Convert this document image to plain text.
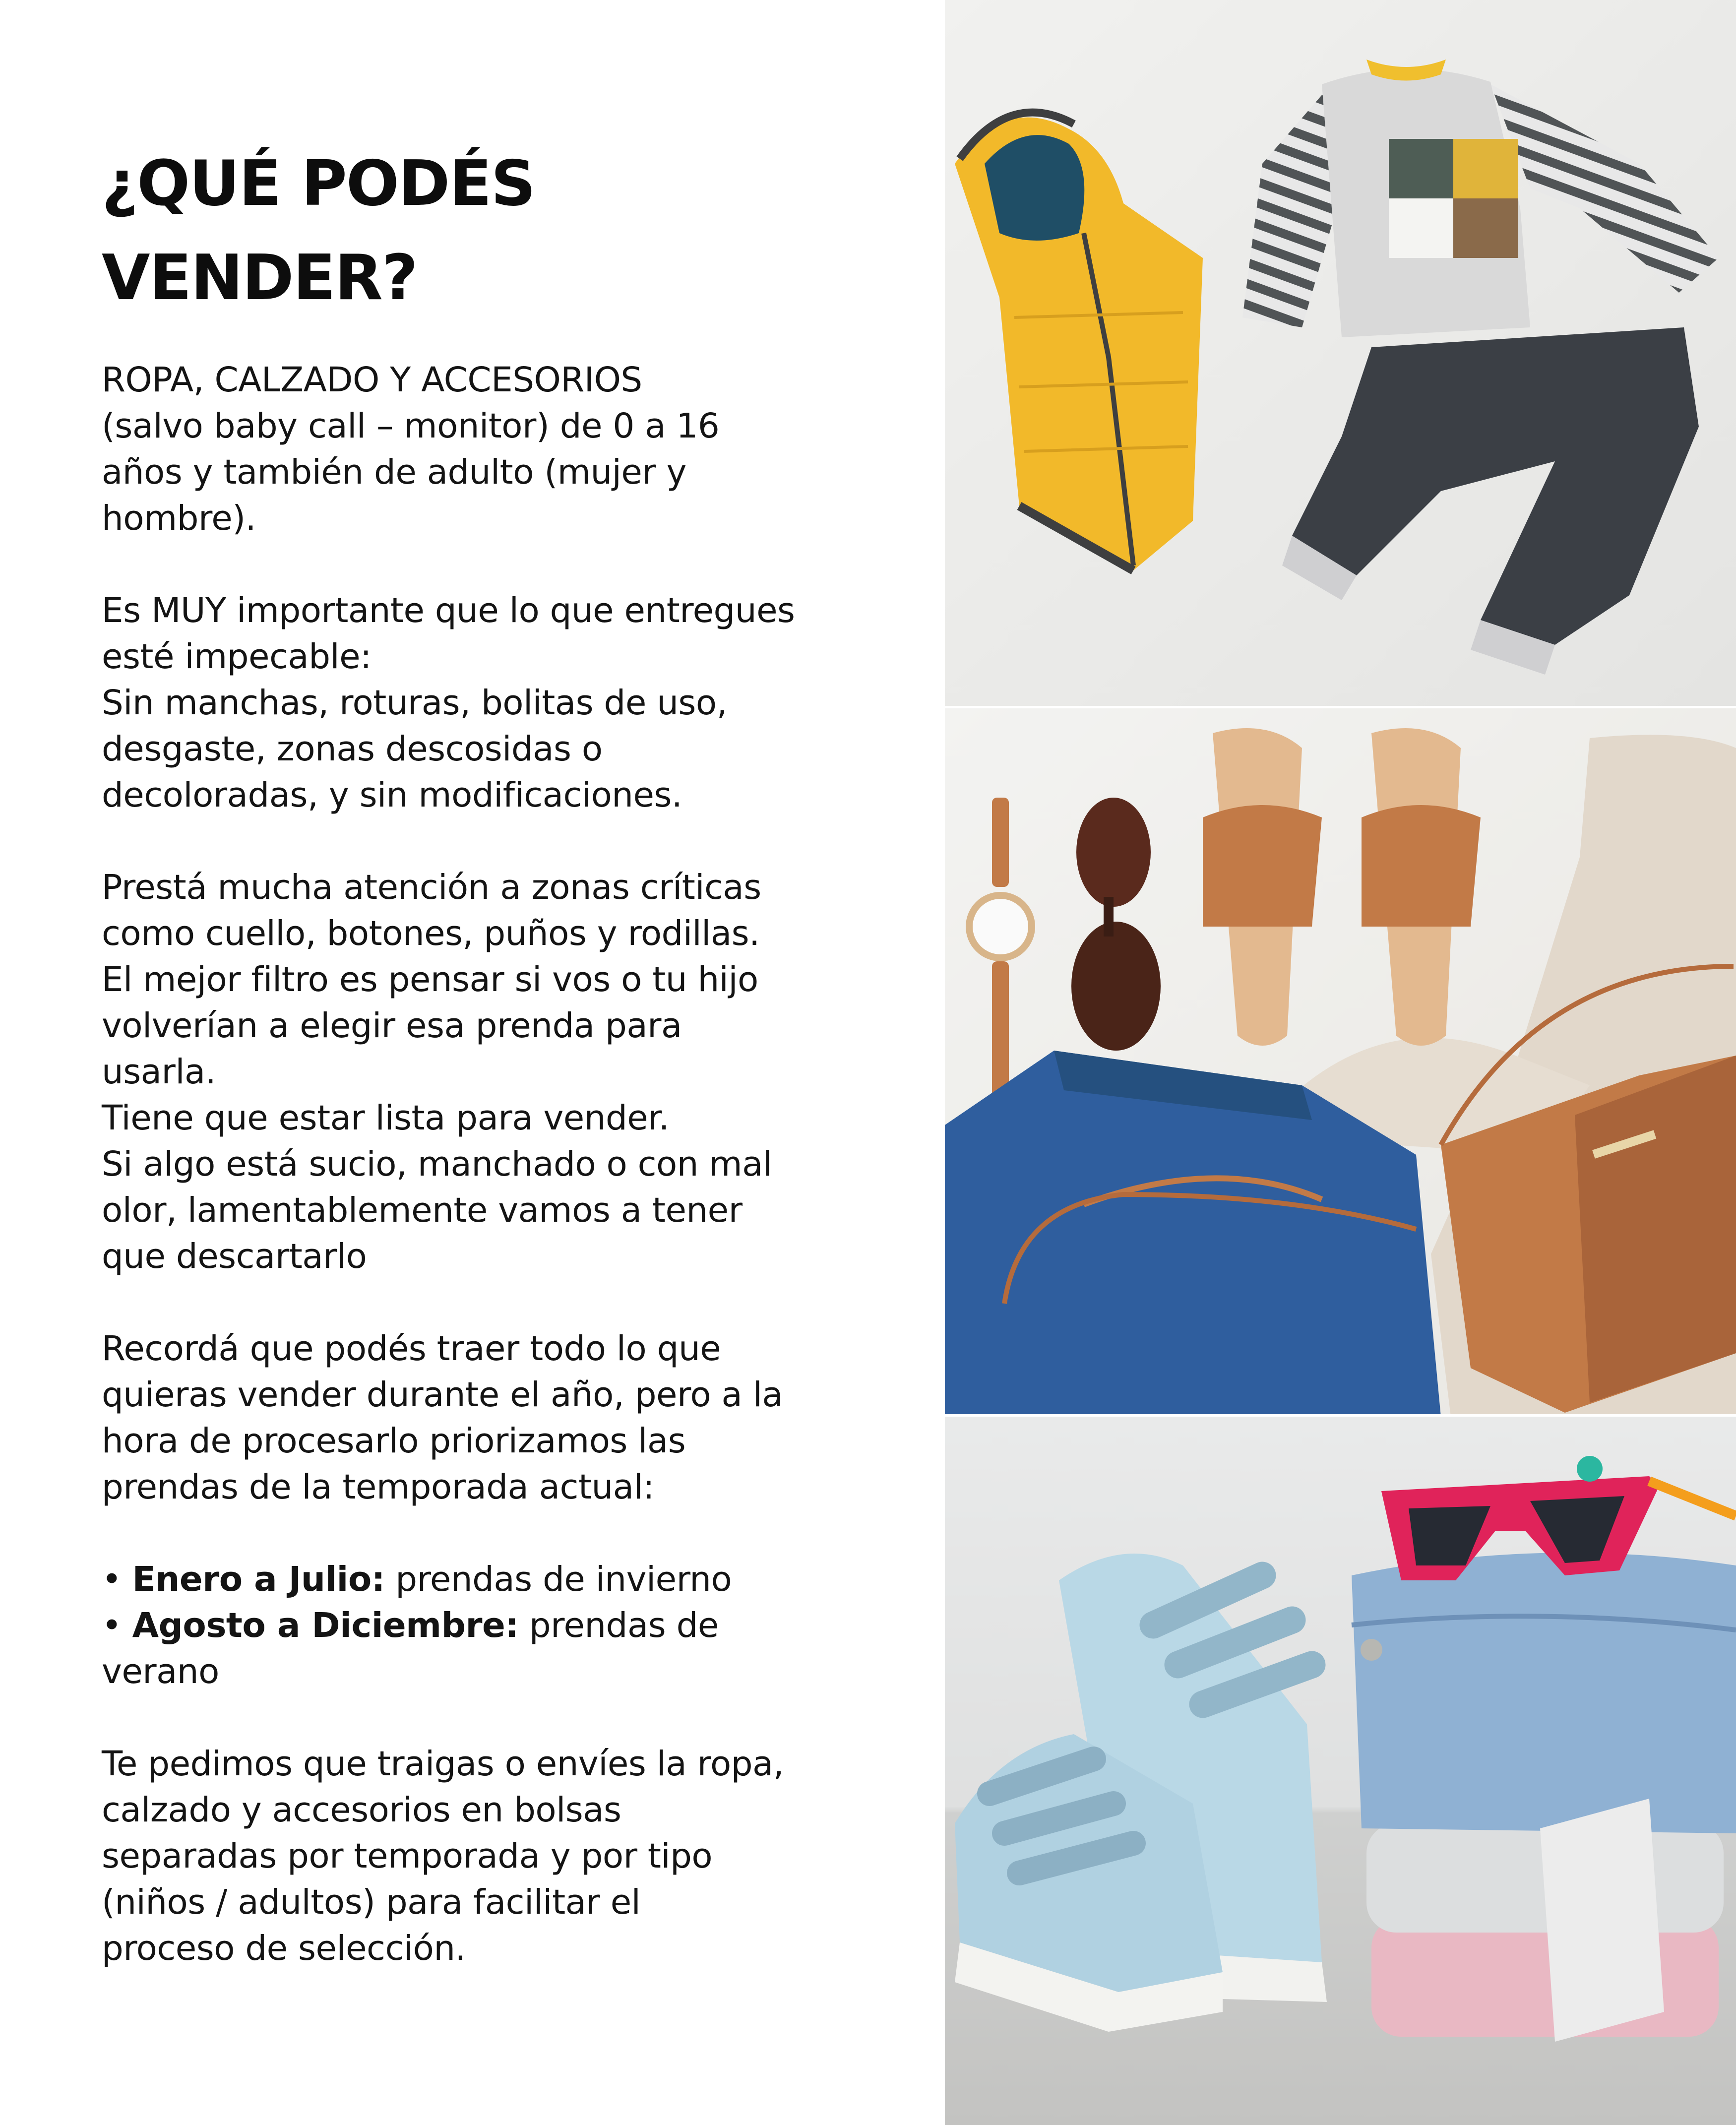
¿QUÉ PODÉS
VENDER?

ROPA, CALZADO Y ACCESORIOS
(salvo baby call – monitor) de 0 a 16
años y también de adulto (mujer y
hombre).

Es MUY importante que lo que entregues
esté impecable:
Sin manchas, roturas, bolitas de uso,
desgaste, zonas descosidas o
decoloradas, y sin modificaciones.

Prestá mucha atención a zonas críticas
como cuello, botones, puños y rodillas.
El mejor filtro es pensar si vos o tu hijo
volverían a elegir esa prenda para
usarla.
Tiene que estar lista para vender.
Si algo está sucio, manchado o con mal
olor, lamentablemente vamos a tener
que descartarlo

Recordá que podés traer todo lo que
quieras vender durante el año, pero a la
hora de procesarlo priorizamos las
prendas de la temporada actual:

• Enero a Julio: prendas de invierno
• Agosto a Diciembre: prendas de
verano

Te pedimos que traigas o envíes la ropa,
calzado y accesorios en bolsas
separadas por temporada y por tipo
(niños / adultos) para facilitar el
proceso de selección.
